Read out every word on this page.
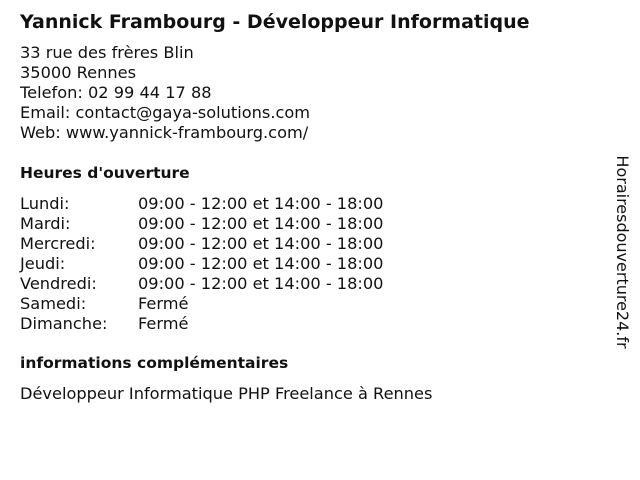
Yannick Frambourg - Développeur Informatique
33 rue des frères Blin
35000 Rennes
Telefon: 02 99 44 17 88
Email: contact@gaya-solutions.com
Web: www.yannick-frambourg.com/
Heures d'ouverture
Lundi:	09:00 - 12:00 et 14:00 - 18:00
Mardi:	09:00 - 12:00 et 14:00 - 18:00
Mercredi:	09:00 - 12:00 et 14:00 - 18:00
Jeudi:	09:00 - 12:00 et 14:00 - 18:00
Vendredi:	09:00 - 12:00 et 14:00 - 18:00
Samedi:	Fermé
Dimanche: Fermé
informations complémentaires
Développeur Informatique PHP Freelance à Rennes
Horairesdouverture24.fr
